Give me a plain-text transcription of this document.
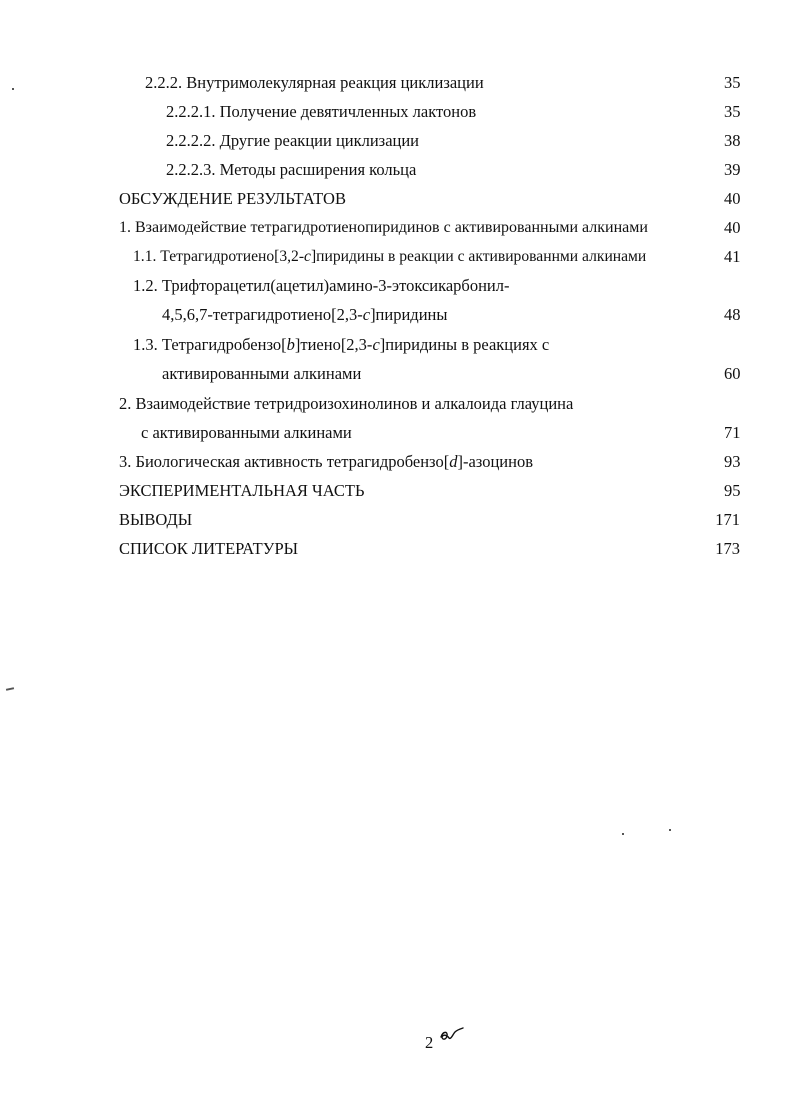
2.2.2. Внутримолекулярная реакция циклизации	35
2.2.2.1. Получение девятичленных лактонов	35
2.2.2.2. Другие реакции циклизации	38
2.2.2.3. Методы расширения кольца	39
ОБСУЖДЕНИЕ РЕЗУЛЬТАТОВ	40
1. Взаимодействие тетрагидротиенопиридинов с активированными алкинами	40
1.1. Тетрагидротиено[3,2-c]пиридины в реакции с активированнми алкинами	41
1.2. Трифторацетил(ацетил)амино-3-этоксикарбонил-
4,5,6,7-тетрагидротиено[2,3-c]пиридины	48
1.3. Тетрагидробензо[b]тиено[2,3-c]пиридины в реакциях с
активированными алкинами	60
2. Взаимодействие тетридроизохинолинов и алкалоида глауцина
с активированными алкинами	71
3. Биологическая активность тетрагидробензо[d]-азоцинов	93
ЭКСПЕРИМЕНТАЛЬНАЯ ЧАСТЬ	95
ВЫВОДЫ	171
СПИСОК ЛИТЕРАТУРЫ	173
2
